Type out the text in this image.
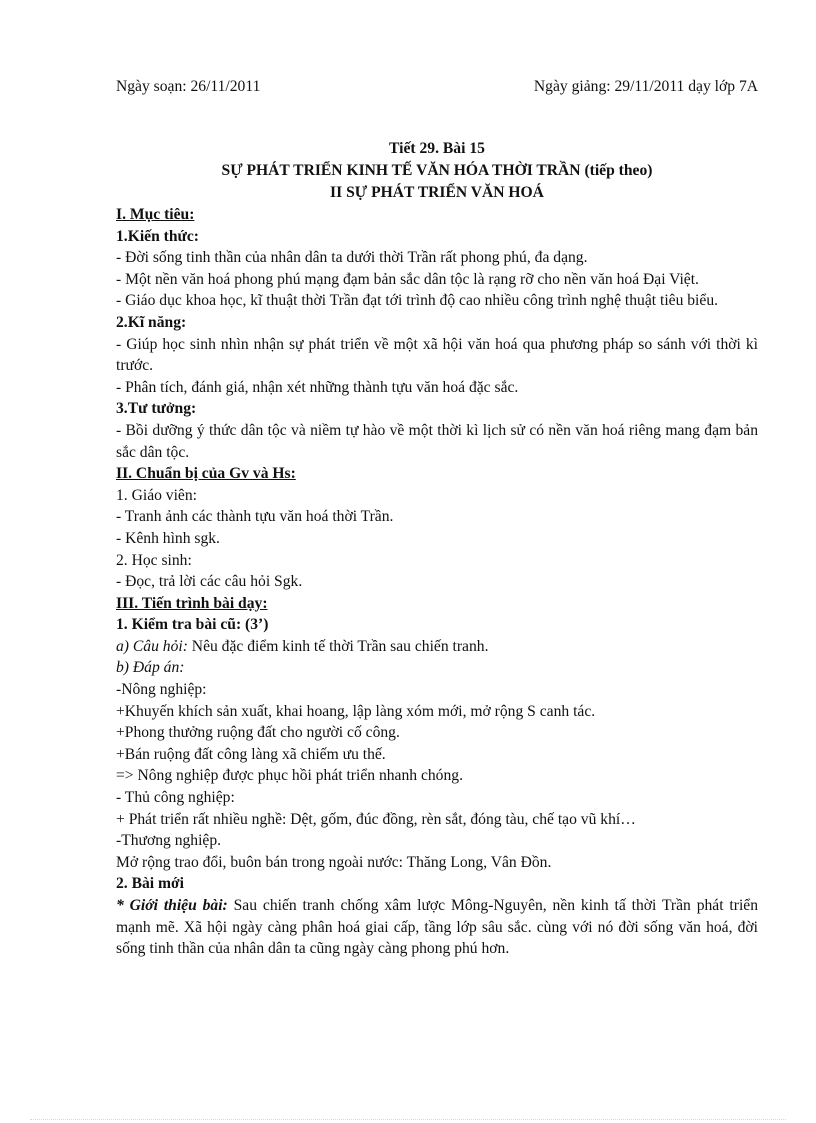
Ngày soạn: 26/11/2011	Ngày giảng: 29/11/2011 dạy lớp 7A
Tiết 29. Bài 15
SỰ PHÁT TRIỂN KINH TẾ VĂN HÓA THỜI TRẦN (tiếp theo)
II SỰ PHÁT TRIỂN VĂN HOÁ
I. Mục tiêu:
1.Kiến thức:
- Đời sống tinh thần của nhân dân ta dưới thời Trần rất phong phú, đa dạng.
- Một nền văn hoá phong phú mạng đạm bản sắc dân tộc là rạng rỡ cho nền văn hoá Đại Việt.
- Giáo dục khoa học, kĩ thuật thời Trần đạt tới trình độ cao nhiều công trình nghệ thuật tiêu biểu.
2.Kĩ năng:
- Giúp học sinh nhìn nhận sự phát triển về một xã hội văn hoá qua phương pháp so sánh với thời kì trước.
- Phân tích, đánh giá, nhận xét những thành tựu văn hoá đặc sắc.
3.Tư tưởng:
- Bồi dưỡng ý thức dân tộc và niềm tự hào về một thời kì lịch sử có nền văn hoá riêng mang đạm bản sắc dân tộc.
II. Chuẩn bị của Gv và Hs:
1. Giáo viên:
- Tranh ảnh các thành tựu văn hoá thời Trần.
- Kênh hình sgk.
2. Học sinh:
- Đọc, trả lời các câu hỏi Sgk.
III. Tiến trình bài dạy:
1. Kiểm tra bài cũ: (3’)
a) Câu hỏi: Nêu đặc điểm kinh tế thời Trần sau chiến tranh.
b) Đáp án:
-Nông nghiệp:
+Khuyến khích sản xuất, khai hoang, lập làng xóm mới, mở rộng S canh tác.
+Phong thưởng ruộng đất cho người cố công.
+Bán ruộng đất công làng xã chiếm ưu thế.
=> Nông nghiệp được phục hồi phát triển nhanh chóng.
- Thủ công nghiệp:
+ Phát triển rất nhiều nghề: Dệt, gốm, đúc đồng, rèn sắt, đóng tàu, chế tạo vũ khí…
-Thương nghiệp.
Mở rộng trao đổi, buôn bán trong ngoài nước: Thăng Long, Vân Đồn.
2. Bài mới
* Giới thiệu bài: Sau chiến tranh chống xâm lược Mông-Nguyên, nền kinh tấ thời Trần phát triển mạnh mẽ. Xã hội ngày càng phân hoá giai cấp, tầng lớp sâu sắc. cùng với nó đời sống văn hoá, đời sống tinh thần của nhân dân ta cũng ngày càng phong phú hơn.
